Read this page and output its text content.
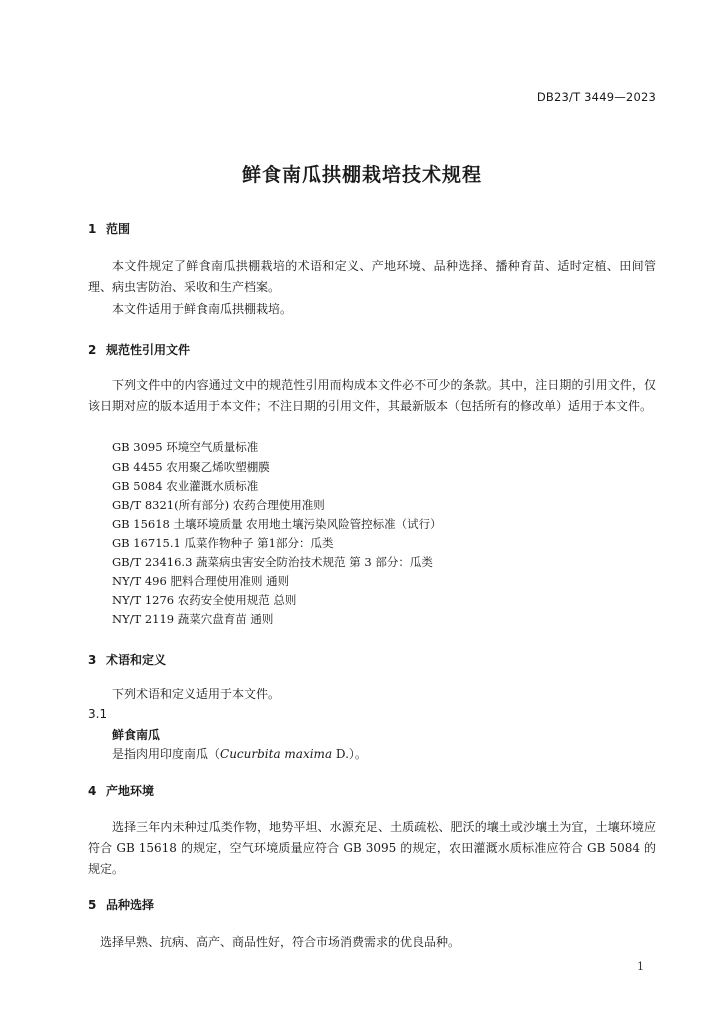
DB23/T 3449—2023
鲜食南瓜拱棚栽培技术规程
1 范围
本文件规定了鲜食南瓜拱棚栽培的术语和定义、产地环境、品种选择、播种育苗、适时定植、田间管理、病虫害防治、采收和生产档案。
本文件适用于鲜食南瓜拱棚栽培。
2 规范性引用文件
下列文件中的内容通过文中的规范性引用而构成本文件必不可少的条款。其中，注日期的引用文件，仅该日期对应的版本适用于本文件；不注日期的引用文件，其最新版本（包括所有的修改单）适用于本文件。
GB 3095 环境空气质量标准
GB 4455 农用聚乙烯吹塑棚膜
GB 5084 农业灌溉水质标准
GB/T 8321(所有部分) 农药合理使用准则
GB 15618 土壤环境质量 农用地土壤污染风险管控标准（试行）
GB 16715.1 瓜菜作物种子 第1部分：瓜类
GB/T 23416.3 蔬菜病虫害安全防治技术规范 第 3 部分：瓜类
NY/T 496 肥料合理使用准则 通则
NY/T 1276 农药安全使用规范 总则
NY/T 2119 蔬菜穴盘育苗 通则
3 术语和定义
下列术语和定义适用于本文件。
3.1
鲜食南瓜
是指肉用印度南瓜（Cucurbita maxima D.）。
4 产地环境
选择三年内未种过瓜类作物，地势平坦、水源充足、土质疏松、肥沃的壤土或沙壤土为宜，土壤环境应符合 GB 15618 的规定，空气环境质量应符合 GB 3095 的规定，农田灌溉水质标准应符合 GB 5084 的规定。
5 品种选择
选择早熟、抗病、高产、商品性好，符合市场消费需求的优良品种。
1
